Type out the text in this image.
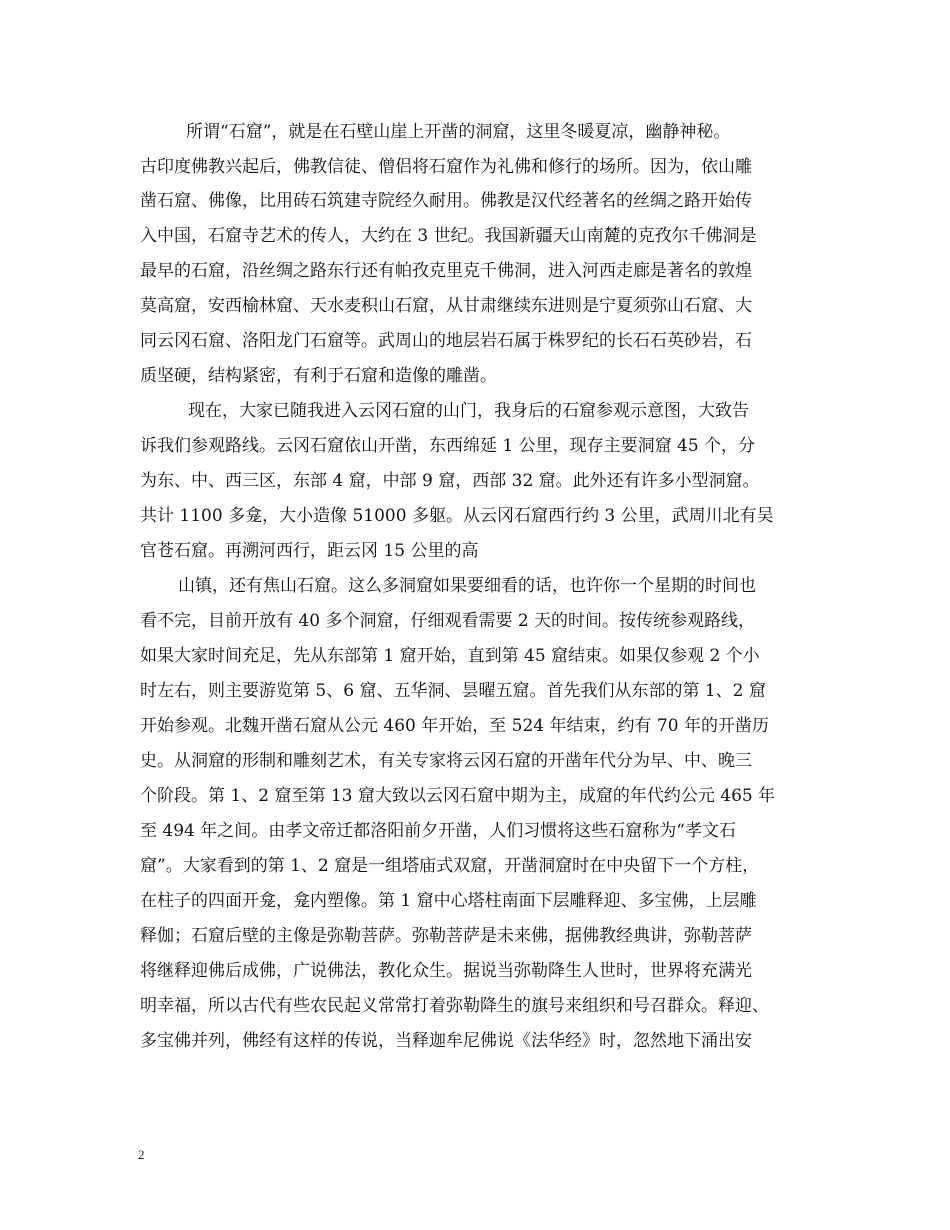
所谓“石窟”，就是在石壁山崖上开凿的洞窟，这里冬暖夏凉，幽静神秘。
古印度佛教兴起后，佛教信徒、僧侣将石窟作为礼佛和修行的场所。因为，依山雕
凿石窟、佛像，比用砖石筑建寺院经久耐用。佛教是汉代经著名的丝绸之路开始传
入中国，石窟寺艺术的传人，大约在 3 世纪。我国新疆天山南麓的克孜尔千佛洞是
最早的石窟，沿丝绸之路东行还有帕孜克里克千佛洞，进入河西走廊是著名的敦煌
莫高窟，安西榆林窟、天水麦积山石窟，从甘肃继续东进则是宁夏须弥山石窟、大
同云冈石窟、洛阳龙门石窟等。武周山的地层岩石属于株罗纪的长石石英砂岩，石
质坚硬，结构紧密，有利于石窟和造像的雕凿。
现在，大家已随我进入云冈石窟的山门，我身后的石窟参观示意图，大致告
诉我们参观路线。云冈石窟依山开凿，东西绵延 1 公里，现存主要洞窟 45 个，分
为东、中、西三区，东部 4 窟，中部 9 窟，西部 32 窟。此外还有许多小型洞窟。
共计 1100 多龛，大小造像 51000 多躯。从云冈石窟西行约 3 公里，武周川北有吴
官苍石窟。再溯河西行，距云冈 15 公里的高
山镇，还有焦山石窟。这么多洞窟如果要细看的话，也许你一个星期的时间也
看不完，目前开放有 40 多个洞窟，仔细观看需要 2 天的时间。按传统参观路线，
如果大家时间充足，先从东部第 1 窟开始，直到第 45 窟结束。如果仅参观 2 个小
时左右，则主要游览第 5、6 窟、五华洞、昙曜五窟。首先我们从东部的第 1、2 窟
开始参观。北魏开凿石窟从公元 460 年开始，至 524 年结束，约有 70 年的开凿历
史。从洞窟的形制和雕刻艺术，有关专家将云冈石窟的开凿年代分为早、中、晚三
个阶段。第 1、2 窟至第 13 窟大致以云冈石窟中期为主，成窟的年代约公元 465 年
至 494 年之间。由孝文帝迁都洛阳前夕开凿，人们习惯将这些石窟称为“孝文石
窟”。大家看到的第 1、2 窟是一组塔庙式双窟，开凿洞窟时在中央留下一个方柱，
在柱子的四面开龛，龛内塑像。第 1 窟中心塔柱南面下层雕释迎、多宝佛，上层雕
释伽；石窟后壁的主像是弥勒菩萨。弥勒菩萨是未来佛，据佛教经典讲，弥勒菩萨
将继释迎佛后成佛，广说佛法，教化众生。据说当弥勒降生人世时，世界将充满光
明幸福，所以古代有些农民起义常常打着弥勒降生的旗号来组织和号召群众。释迎、
多宝佛并列，佛经有这样的传说，当释迦牟尼佛说《法华经》时，忽然地下涌出安
2
